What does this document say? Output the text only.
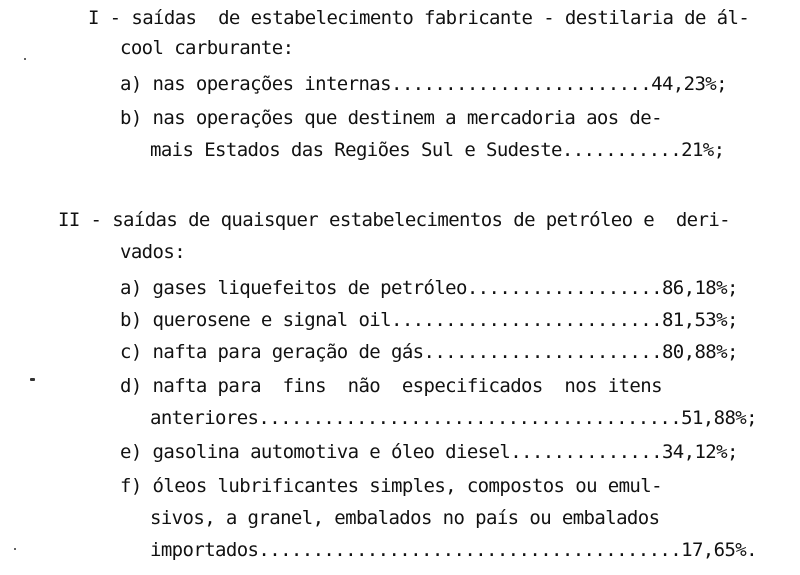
I - saídas  de estabelecimento fabricante - destilaria de ál-
cool carburante:
a) nas operações internas........................44,23%;
b) nas operações que destinem a mercadoria aos de-
mais Estados das Regiões Sul e Sudeste...........21%;
II - saídas de quaisquer estabelecimentos de petróleo e  deri-
vados:
a) gases liquefeitos de petróleo..................86,18%;
b) querosene e signal oil.........................81,53%;
c) nafta para geração de gás......................80,88%;
d) nafta para  fins  não  especificados  nos itens
anteriores.......................................51,88%;
e) gasolina automotiva e óleo diesel..............34,12%;
f) óleos lubrificantes simples, compostos ou emul-
sivos, a granel, embalados no país ou embalados
importados.......................................17,65%.
